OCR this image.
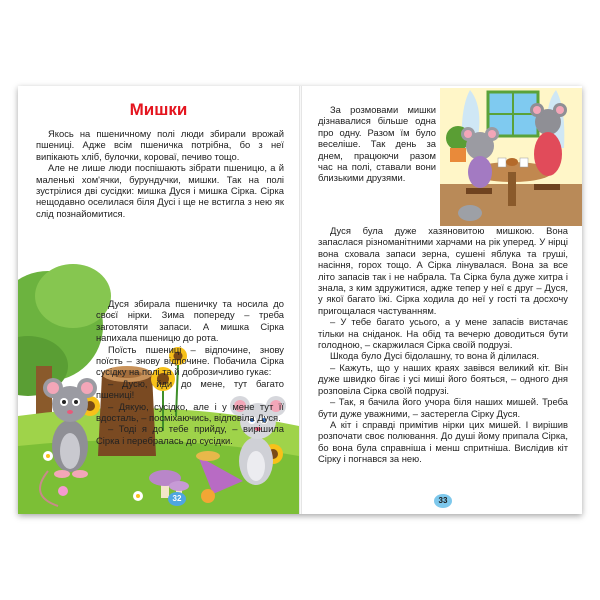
Мишки

Якось на пшеничному полі люди збирали врожай пшениці. Адже всім пшеничка потрібна, бо з неї випікають хліб, булочки, короваї, печиво тощо.

Але не лише люди поспішають зібрати пшеницю, а й маленькі хом'ячки, бурундучки, мишки. Так на полі зустрілися дві сусідки: мишка Дуся і мишка Сірка. Сірка нещодавно оселилася біля Дусі і ще не встигла з нею як слід познайомитися.

Дуся збирала пшеничку та носила до своєї нірки. Зима попереду – треба заготовляти запаси. А мишка Сірка напихала пшеницю до рота.

Поїсть пшениці – відпочине, знову поїсть – знову відпочине. Побачила Сірка сусідку на полі та й доброзичливо гукає:

– Дусю, йди до мене, тут багато пшениці!

– Дякую, сусідко, але і у мене тут її вдосталь, – посміхаючись, відповіла Дуся.

– Тоді я до тебе прийду, – вирішила Сірка і перебралась до сусідки.

32

За розмовами мишки дізнавалися більше одна про одну. Разом їм було веселіше. Так день за днем, працюючи разом час на полі, ставали вони близькими друзями.

Дуся була дуже хазяновитою мишкою. Вона запаслася різноманітними харчами на рік уперед. У нірці вона сховала запаси зерна, сушені яблука та груші, насіння, горох тощо. А Сірка лінувалася. Вона за все літо запасів так і не набрала. Та Сірка була дуже хитра і знала, з ким здружитися, адже тепер у неї є друг – Дуся, у якої багато їжі. Сірка ходила до неї у гості та досхочу пригощалася частуванням.

– У тебе багато усього, а у мене запасів вистачає тільки на сніданок. На обід та вечерю доводиться бути голодною, – скаржилася Сірка своїй подрузі.

Шкода було Дусі бідолашну, то вона й ділилася.

– Кажуть, що у наших краях завівся великий кіт. Він дуже швидко бігає і усі миші його бояться, – одного дня розповіла Сірка своїй подрузі.

– Так, я бачила його учора біля наших мишей. Треба бути дуже уважними, – застерегла Сірку Дуся.

А кіт і справді примітив нірки цих мишей. І вирішив розпочати своє полювання. До душі йому припала Сірка, бо вона була справніша і менш спритніша. Вислідив кіт Сірку і погнався за нею.

33
